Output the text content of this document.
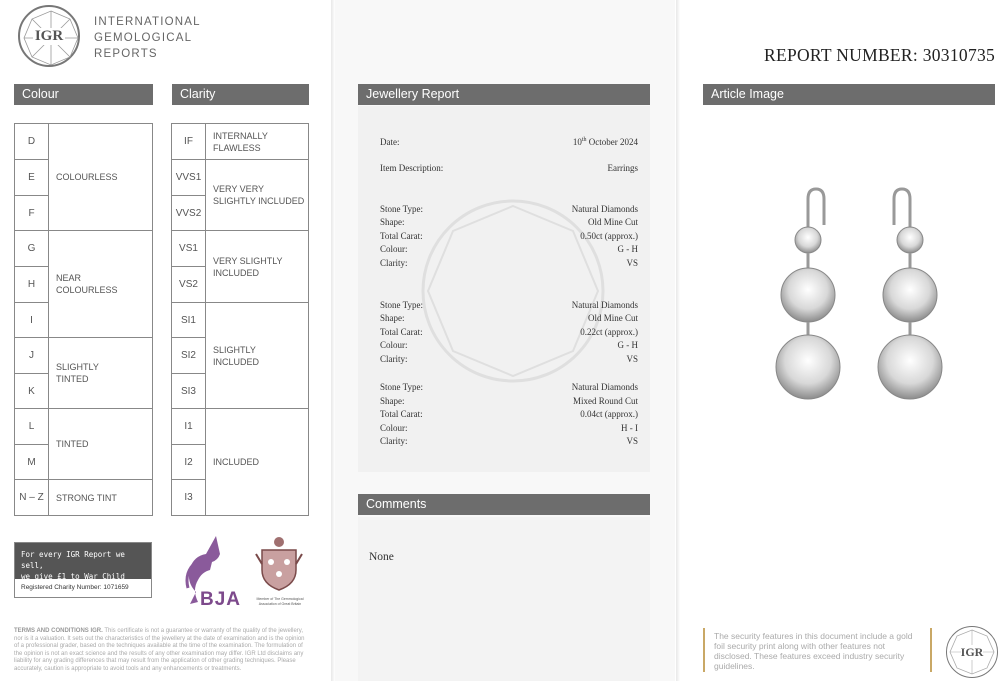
IGR
INTERNATIONAL
GEMOLOGICAL
REPORTS
Colour	Clarity
D	COLOURLESS
E	
F	
G	NEAR
COLOURLESS
H	
I	
J	SLIGHTLY
TINTED
K	
L	TINTED
M	
N – Z	STRONG TINT
IF	INTERNALLY FLAWLESS
VVS1	VERY VERY
SLIGHTLY INCLUDED
VVS2	
VS1	VERY SLIGHTLY
INCLUDED
VS2	
SI1	SLIGHTLY
INCLUDED
SI2	
SI3	
I1	INCLUDED
I2	
I3	
For every IGR Report we sell,
we give £1 to War Child
Registered Charity Number: 1071659
BJA	Member of The Gemmological Association of Great Britain
TERMS AND CONDITIONS IGR. This certificate is not a guarantee or warranty of the quality of the jewellery, nor is it a valuation. It sets out the characteristics of the jewellery at the date of examination and is the opinion of a professional grader, based on the techniques available at the time of the examination. The formulation of the opinion is not an exact science and the results of any other examination may differ. IGR Ltd disclaims any liability for any grading differences that may result from the application of other grading techniques. Please accurately, caution is appropriate to avoid tools and any enhancements or treatments.
Jewellery Report
Date:	10th October 2024
Item Description:	Earrings
Stone Type:	Natural Diamonds
Shape:	Old Mine Cut
Total Carat:	0.50ct (approx.)
Colour:	G - H
Clarity:	VS
Stone Type:	Natural Diamonds
Shape:	Old Mine Cut
Total Carat:	0.22ct (approx.)
Colour:	G - H
Clarity:	VS
Stone Type:	Natural Diamonds
Shape:	Mixed Round Cut
Total Carat:	0.04ct (approx.)
Colour:	H - I
Clarity:	VS
Comments
None
REPORT NUMBER: 30310735
Article Image
The security features in this document include a gold foil security print along with other features not disclosed. These features exceed industry security guidelines.
IGR
